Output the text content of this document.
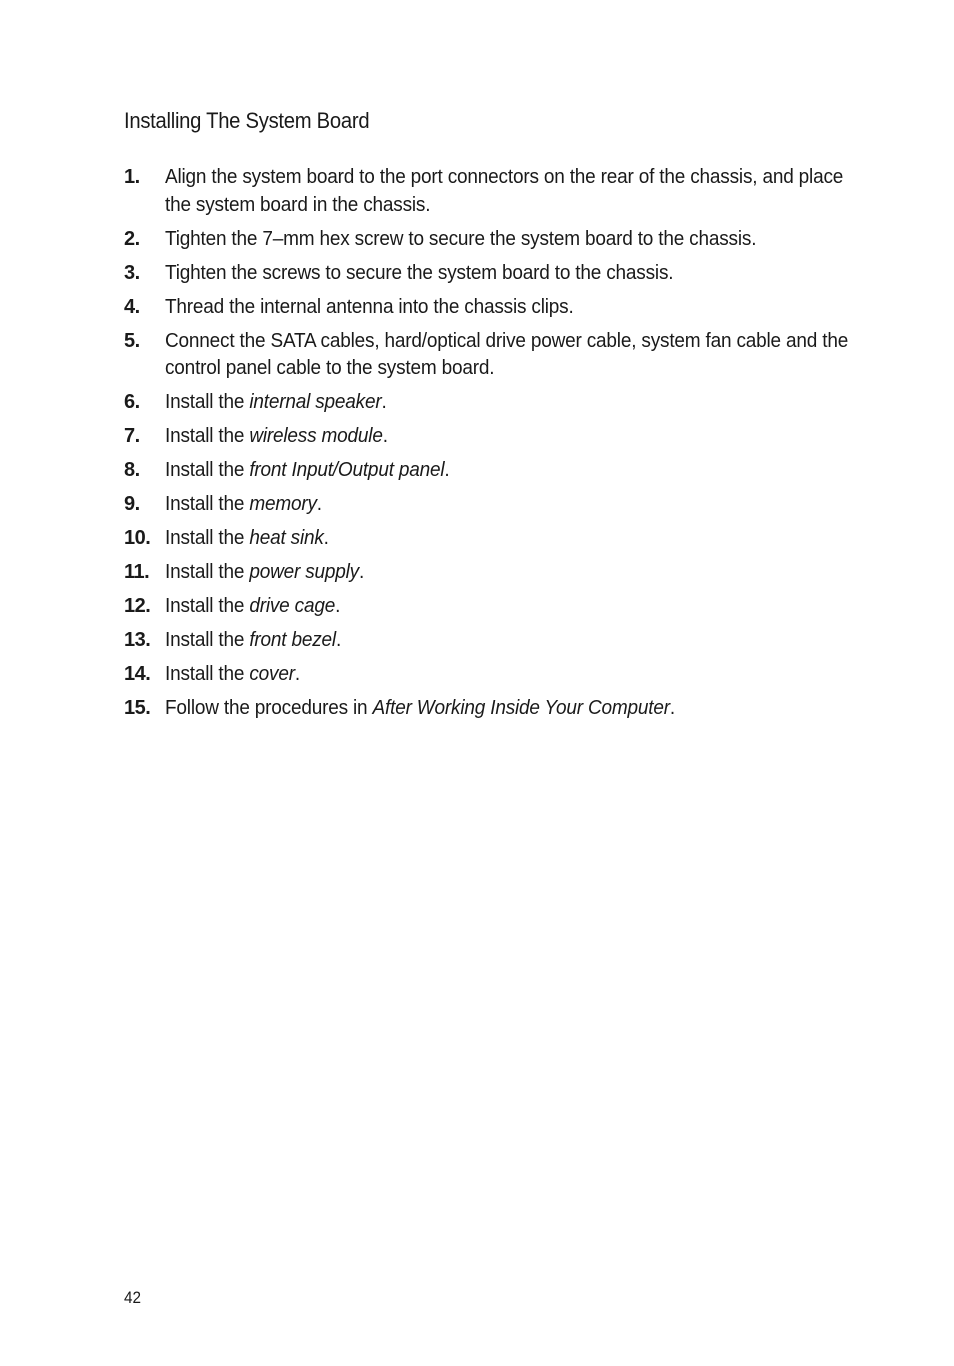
Installing The System Board
1. Align the system board to the port connectors on the rear of the chassis, and place the system board in the chassis.
2. Tighten the 7–mm hex screw to secure the system board to the chassis.
3. Tighten the screws to secure the system board to the chassis.
4. Thread the internal antenna into the chassis clips.
5. Connect the SATA cables, hard/optical drive power cable, system fan cable and the control panel cable to the system board.
6. Install the internal speaker.
7. Install the wireless module.
8. Install the front Input/Output panel.
9. Install the memory.
10. Install the heat sink.
11. Install the power supply.
12. Install the drive cage.
13. Install the front bezel.
14. Install the cover.
15. Follow the procedures in After Working Inside Your Computer.
42
